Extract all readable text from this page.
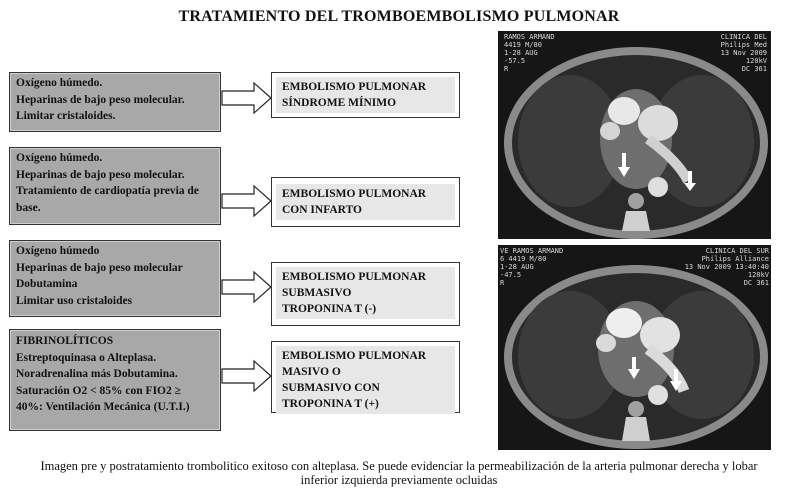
TRATAMIENTO DEL TROMBOEMBOLISMO PULMONAR
Oxígeno húmedo.
Heparinas de bajo peso molecular.
Limitar cristaloides.
EMBOLISMO PULMONAR
SÍNDROME MÍNIMO
Oxígeno húmedo.
Heparinas de bajo peso molecular.
Tratamiento de cardiopatía previa de
base.
EMBOLISMO PULMONAR
CON INFARTO
Oxígeno húmedo
Heparinas de bajo peso molecular
Dobutamina
Limitar uso cristaloides
EMBOLISMO PULMONAR
SUBMASIVO
TROPONINA T (-)
FIBRINOLÍTICOS
Estreptoquinasa o Alteplasa.
Noradrenalina más Dobutamina.
Saturación O2 < 85% con FIO2 ≥
40%: Ventilación Mecánica (U.T.I.)
EMBOLISMO PULMONAR
MASIVO O
SUBMASIVO CON
TROPONINA T (+)
RAMOS ARMAND
4419 M/80
1-28 AUG
-57.5
R
CLINICA DEL
Philips Med
13 Nov 2009
120kV
DC 361
VE RAMOS ARMAND
6 4419 M/80
1-28 AUG
-47.5
R
CLINICA DEL SUR
Philips Alliance
13 Nov 2009 13:40:40
120kV
DC 361
Imagen pre y postratamiento trombolitico exitoso con alteplasa. Se puede evidenciar la permeabilización de la arteria pulmonar derecha y lobar
inferior izquierda previamente ocluidas
